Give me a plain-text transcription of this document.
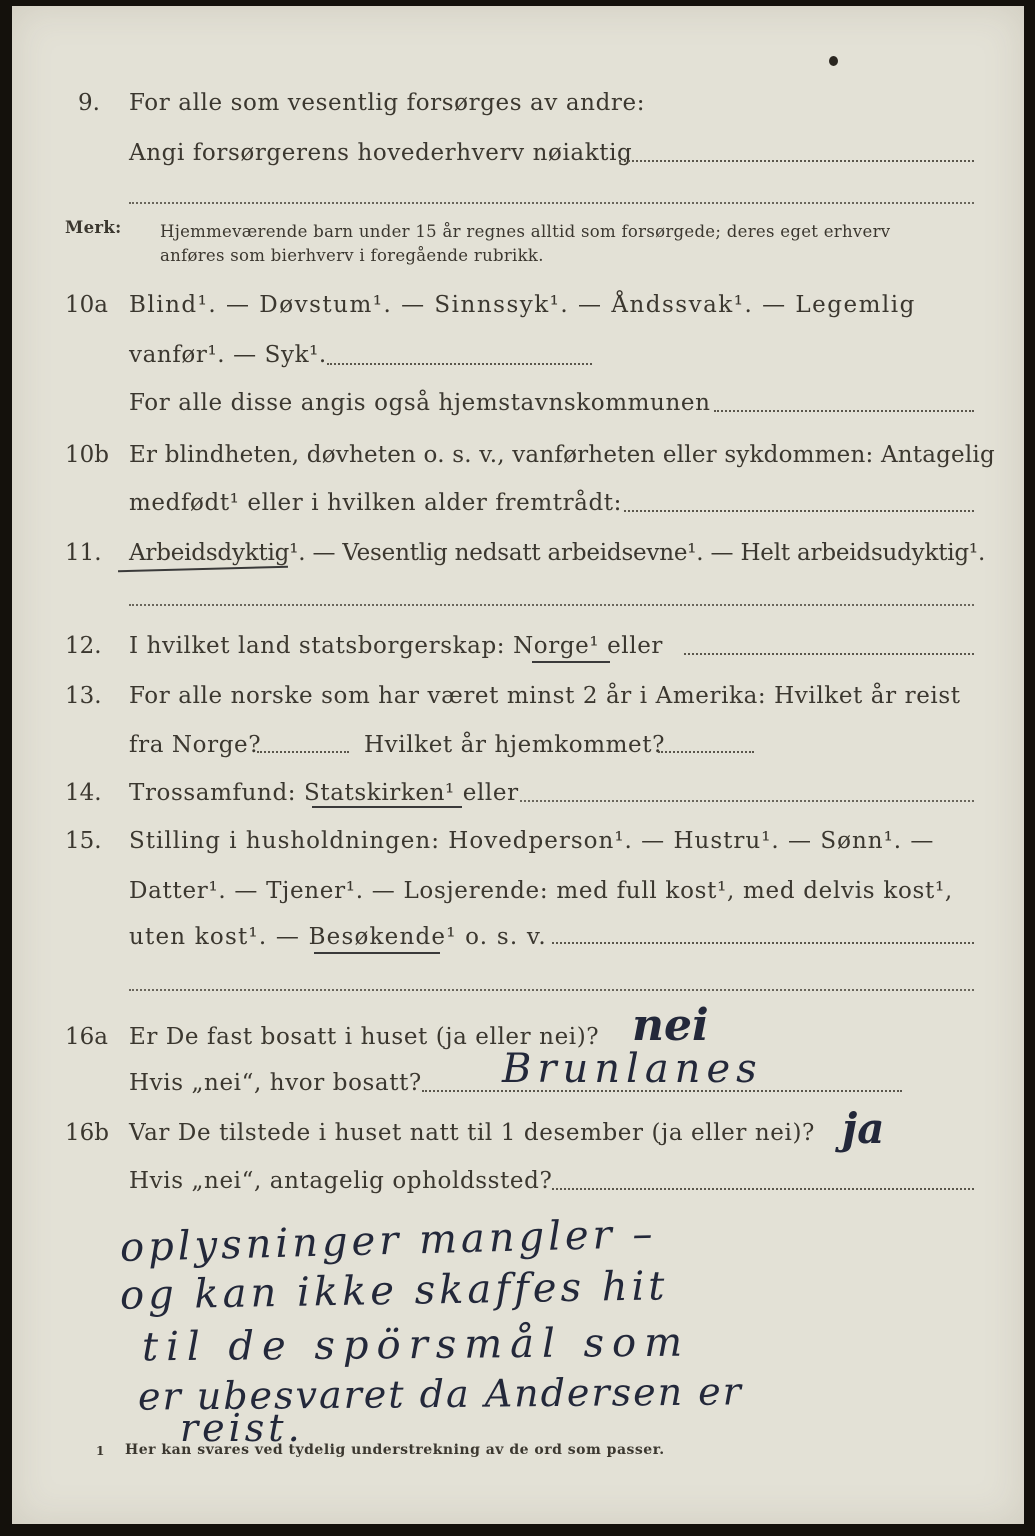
9. For alle som vesentlig forsørges av andre:
Angi forsørgerens hovederhverv nøiaktig
Merk: Hjemmeværende barn under 15 år regnes alltid som forsørgede; deres eget erhverv
anføres som bierhverv i foregående rubrikk.
10a Blind¹. — Døvstum¹. — Sinnssyk¹. — Åndssvak¹. — Legemlig
vanfør¹. — Syk¹.
For alle disse angis også hjemstavnskommunen
10b Er blindheten, døvheten o. s. v., vanførheten eller sykdommen: Antagelig
medfødt¹ eller i hvilken alder fremtrådt:
11. Arbeidsdyktig¹. — Vesentlig nedsatt arbeidsevne¹. — Helt arbeidsudyktig¹.
12. I hvilket land statsborgerskap: Norge¹ eller
13. For alle norske som har været minst 2 år i Amerika: Hvilket år reist
fra Norge?	Hvilket år hjemkommet?
14. Trossamfund: Statskirken¹ eller
15. Stilling i husholdningen: Hovedperson¹. — Hustru¹. — Sønn¹. —
Datter¹. — Tjener¹. — Losjerende: med full kost¹, med delvis kost¹,
uten kost¹. — Besøkende¹ o. s. v.
16a Er De fast bosatt i huset (ja eller nei)? nei
Hvis „nei“, hvor bosatt? Brunlanes
16b Var De tilstede i huset natt til 1 desember (ja eller nei)? ja
Hvis „nei“, antagelig opholdssted?
oplysninger mangler –
og kan ikke skaffes hit
til de spörsmål som
er ubesvaret da Andersen er
reist.
1 Her kan svares ved tydelig understrekning av de ord som passer.
